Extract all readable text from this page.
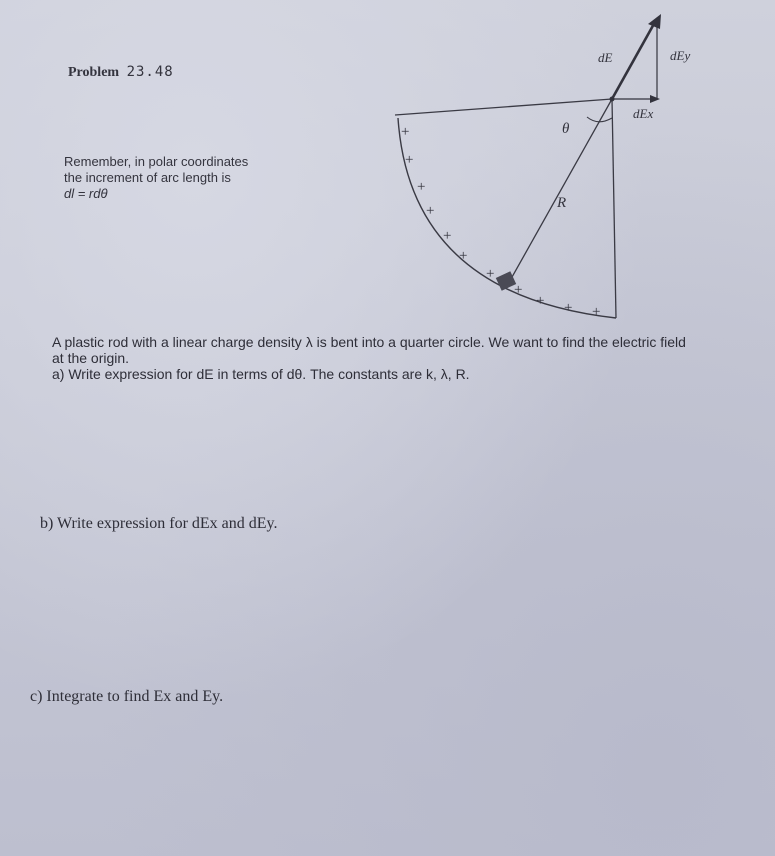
Problem 23.48
Remember, in polar coordinates
the increment of arc length is
dl = rdθ
+
+
+
+
+
+
+
+
+ + +
θ
R
dE	dEy
dEx
A plastic rod with a linear charge density λ is bent into a quarter circle. We want to find the electric field
at the origin.
a) Write expression for dE in terms of dθ. The constants are k, λ, R.
b) Write expression for dEx and dEy.
c) Integrate to find Ex and Ey.
